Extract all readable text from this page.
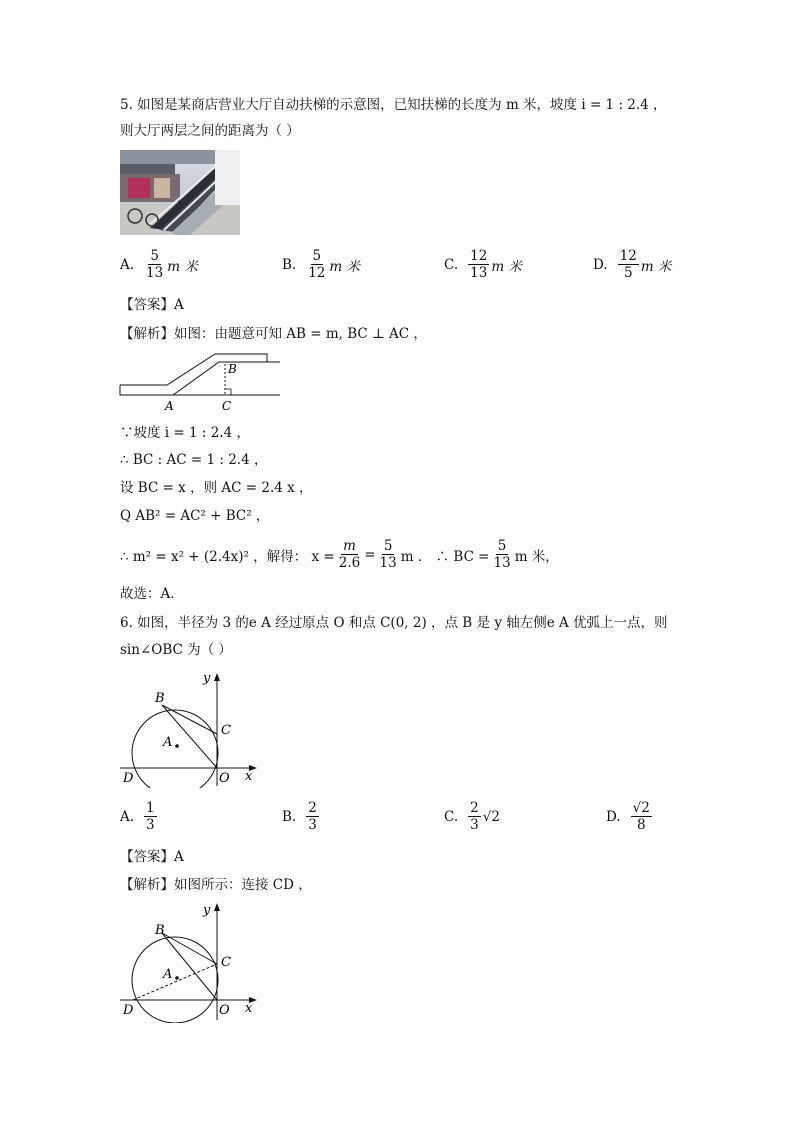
5. 如图是某商店营业大厅自动扶梯的示意图，已知扶梯的长度为 m 米，坡度 i = 1 : 2.4 ，
则大厅两层之间的距离为（ ）
A. $\frac{5}{13}$ m 米	B. $\frac{5}{12}$ m 米	C. $\frac{12}{13}$ m 米	D. $\frac{12}{5}$ m 米
【答案】A
【解析】如图：由题意可知 AB = m, BC ⊥ AC ，
A
B
C
∵坡度 i = 1 : 2.4 ，
∴ BC : AC = 1 : 2.4 ，
设 BC = x ，则 AC = 2.4 x ，
Q AB² = AC² + BC² ，
∴ m² = x² + (2.4x)² ，解得： $x = \frac{m}{2.6} = \frac{5}{13}$ m ． ∴ BC = $\frac{5}{13}$ m 米，
故选：A．
6. 如图，半径为 3 的e A 经过原点 O 和点 C(0, 2) ，点 B 是 y 轴左侧e A 优弧上一点，则
sin∠OBC 为（ ）
y
B
C
A
D	O x
A. $\frac{1}{3}$	B. $\frac{2}{3}$	C. $\frac{2}{3} √2$	D. $\frac{√2}{8}$
【答案】A
【解析】如图所示：连接 CD ，
y
B
C
A
D	O x
